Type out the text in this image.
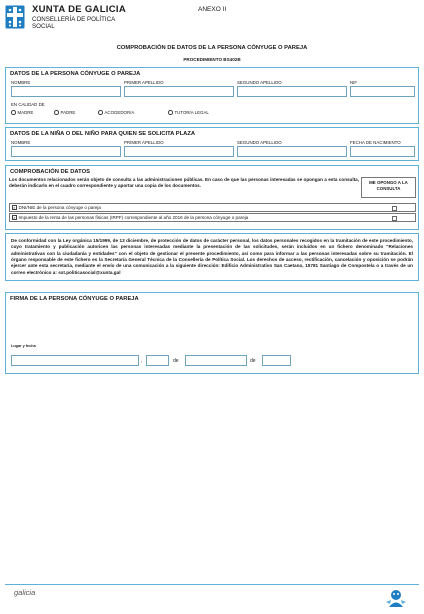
XUNTA DE GALICIA
CONSELLERÍA DE POLÍTICA
SOCIAL
ANEXO II
COMPROBACIÓN DE DATOS DE LA PERSONA CÓNYUGE O PAREJA
PROCEDIMIENTO BS402B
DATOS DE LA PERSONA CÓNYUGE O PAREJA
NOMBRE	PRIMER APELLIDO	SEGUNDO APELLIDO	NIF
EN CALIDAD DE
MADRE	PADRE	ACOGEDOR/A	TUTOR/A LEGAL
DATOS DE LA NIÑA O DEL NIÑO PARA QUIEN SE SOLICITA PLAZA
NOMBRE	PRIMER APELLIDO	SEGUNDO APELLIDO	FECHA DE NACIMIENTO
COMPROBACIÓN DE DATOS
Los documentos relacionados serán objeto de consulta a las administraciones públicas. En caso de que las personas interesadas se opongan a esta consulta, deberán indicarlo en el cuadro correspondiente y aportar una copia de los documentos.
ME OPONGO A LA CONSULTA
× DNI/NIE de la persona cónyuge o pareja
× Impuesto de la renta de las personas físicas (IRPF) correspondiente al año 2016 de la persona cónyuge o pareja
De conformidad con la Ley orgánica 15/1999, de 13 diciembre, de protección de datos de carácter personal, los datos personales recogidos en la tramitación de este procedimiento, cuyo tratamiento y publicación autoricen las personas interesadas mediante la presentación de las solicitudes, serán incluidos en un fichero denominado "Relaciones administrativas con la ciudadanía y entidades" con el objeto de gestionar el presente procedimiento, así como para informar a las personas interesadas sobre su tramitación. El órgano responsable de este fichero es la Secretaría General Técnica de la Consellería de Política Social. Los derechos de acceso, rectificación, cancelación y oposición se podrán ejercer ante esta secretaría, mediante el envío de una comunicación a la siguiente dirección: Edificio Administrativo San Caetano, 15781 Santiago de Compostela o a través de un correo electrónico a: sxt.politicasocial@xunta.gal
FIRMA DE LA PERSONA CÓNYUGE O PAREJA
Lugar y fecha
,	de	de
galicia
